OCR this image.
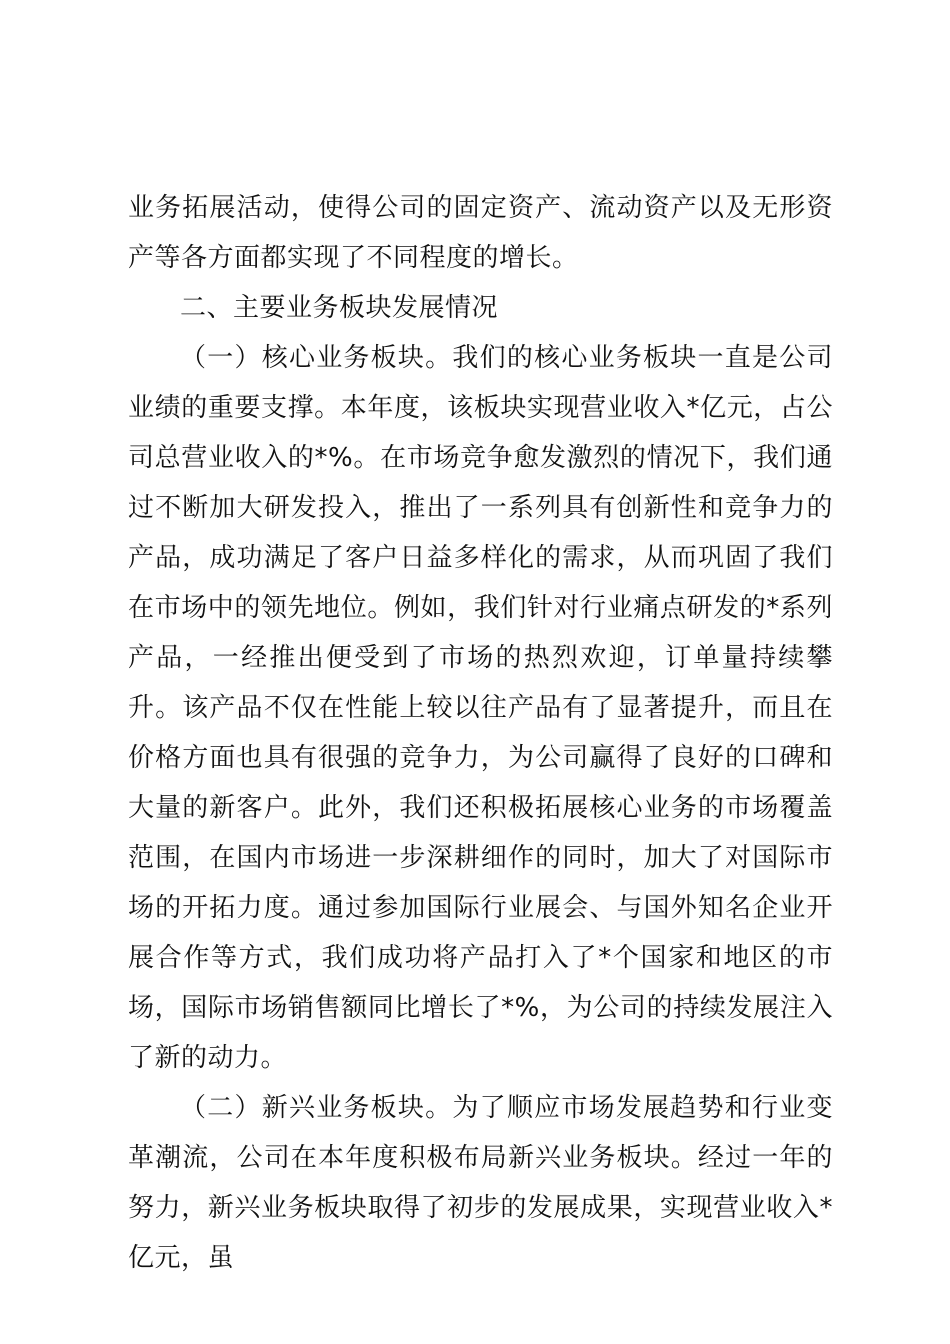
业务拓展活动，使得公司的固定资产、流动资产以及无形资产等各方面都实现了不同程度的增长。

二、主要业务板块发展情况

（一）核心业务板块。我们的核心业务板块一直是公司业绩的重要支撑。本年度，该板块实现营业收入*亿元，占公司总营业收入的*%。在市场竞争愈发激烈的情况下，我们通过不断加大研发投入，推出了一系列具有创新性和竞争力的产品，成功满足了客户日益多样化的需求，从而巩固了我们在市场中的领先地位。例如，我们针对行业痛点研发的*系列产品，一经推出便受到了市场的热烈欢迎，订单量持续攀升。该产品不仅在性能上较以往产品有了显著提升，而且在价格方面也具有很强的竞争力，为公司赢得了良好的口碑和大量的新客户。此外，我们还积极拓展核心业务的市场覆盖范围，在国内市场进一步深耕细作的同时，加大了对国际市场的开拓力度。通过参加国际行业展会、与国外知名企业开展合作等方式，我们成功将产品打入了*个国家和地区的市场，国际市场销售额同比增长了*%，为公司的持续发展注入了新的动力。

（二）新兴业务板块。为了顺应市场发展趋势和行业变革潮流，公司在本年度积极布局新兴业务板块。经过一年的努力，新兴业务板块取得了初步的发展成果，实现营业收入*亿元，虽
